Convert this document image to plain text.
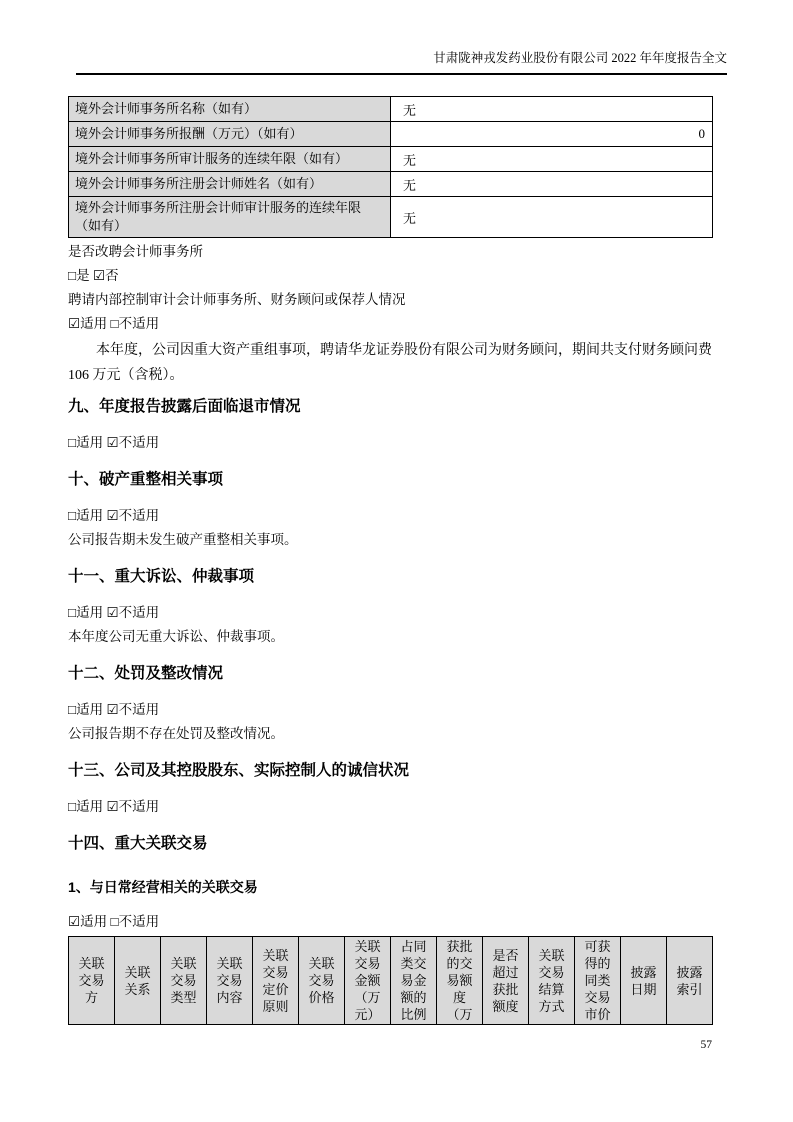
甘肃陇神戎发药业股份有限公司 2022 年年度报告全文
境外会计师事务所名称（如有）	无
境外会计师事务所报酬（万元）（如有）	0
境外会计师事务所审计服务的连续年限（如有）	无
境外会计师事务所注册会计师姓名（如有）	无
境外会计师事务所注册会计师审计服务的连续年限（如有）	无
是否改聘会计师事务所
□是 ☑否
聘请内部控制审计会计师事务所、财务顾问或保荐人情况
☑适用 □不适用

本年度，公司因重大资产重组事项，聘请华龙证券股份有限公司为财务顾问，期间共支付财务顾问费 106 万元（含税）。

九、年度报告披露后面临退市情况
□适用 ☑不适用
十、破产重整相关事项
□适用 ☑不适用
公司报告期未发生破产重整相关事项。
十一、重大诉讼、仲裁事项
□适用 ☑不适用
本年度公司无重大诉讼、仲裁事项。
十二、处罚及整改情况
□适用 ☑不适用
公司报告期不存在处罚及整改情况。
十三、公司及其控股股东、实际控制人的诚信状况
□适用 ☑不适用
十四、重大关联交易
1、与日常经营相关的关联交易
☑适用 □不适用
关联交易方	关联关系	关联交易类型	关联交易内容	关联交易定价原则	关联交易价格	关联交易金额（万元）	占同类交易金额的比例	获批的交易额度（万	是否超过获批额度	关联交易结算方式	可获得的同类交易市价	披露日期	披露索引
57
